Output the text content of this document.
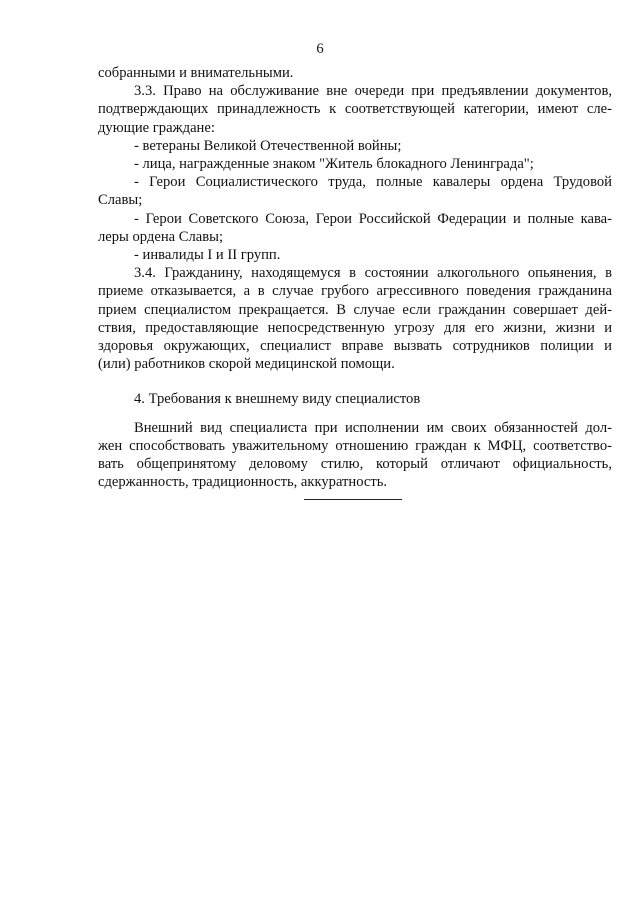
6
собранными и внимательными.
3.3. Право на обслуживание вне очереди при предъявлении документов,
подтверждающих принадлежность к соответствующей категории, имеют сле-
дующие граждане:
- ветераны Великой Отечественной войны;
- лица, награжденные знаком "Житель блокадного Ленинграда";
- Герои Социалистического труда, полные кавалеры ордена Трудовой
Славы;
- Герои Советского Союза, Герои Российской Федерации и полные кава-
леры ордена Славы;
- инвалиды I и II групп.
3.4. Гражданину, находящемуся в состоянии алкогольного опьянения, в
приеме отказывается, а в случае грубого агрессивного поведения гражданина
прием специалистом прекращается. В случае если гражданин совершает дей-
ствия, предоставляющие непосредственную угрозу для его жизни, жизни и
здоровья окружающих, специалист вправе вызвать сотрудников полиции и
(или) работников скорой медицинской помощи.
4. Требования к внешнему виду специалистов
Внешний вид специалиста при исполнении им своих обязанностей дол-
жен способствовать уважительному отношению граждан к МФЦ, соответство-
вать общепринятому деловому стилю, который отличают официальность,
сдержанность, традиционность, аккуратность.
